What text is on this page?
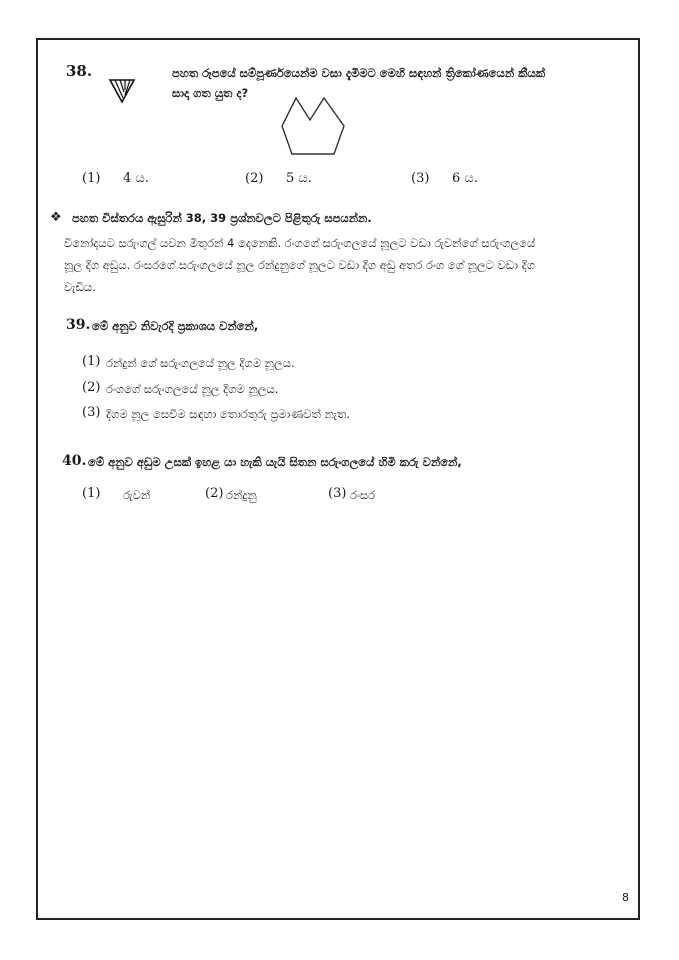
38.	පහත රූපයේ සම්පූර්ණයෙන්ම වසා දැමීමට මෙහි සඳහන් ත්‍රිකෝණයෙන් කීයක්
සාදා ගත යුත ද?
(1) 4 ය.	(2) 5 ය.	(3) 6 ය.
❖ පහත විස්තරය ඇසුරින් 38, 39 ප්‍රශ්නවලට පිළිතුරු සපයන්න.
විනෝදයට සරුංගල් යවන මිතුරන් 4 දෙනෙකි. රංගගේ සරුංගලයේ නූලට වඩා රුවන්ගේ සරුංගලයේ
නූල දිග අඩුය. රංසරගේ සරුංගලයේ නූල රන්දුනුගේ නූලට වඩා දිග අඩු අතර රංග ගේ නූලට වඩා දිග
වැඩිය.
39. මේ අනුව නිවැරදි ප්‍රකාශය වන්නේ,
(1) රන්දුන් ගේ සරුංගලයේ නූල දිගම නූලය.
(2) රංගගේ සරුංගලයේ නූල දිගම නූලය.
(3) දිගම නූල සෙවීම සඳහා තොරතුරු ප්‍රමාණවත් නැත.
40. මේ අනුව අඩුම උසක් ඉහළ යා හැකි යැයි සිතන සරුංගලයේ හිමි කරු වන්නේ,
(1) රුවන්	(2) රන්දුනු	(3) රංසර
8
